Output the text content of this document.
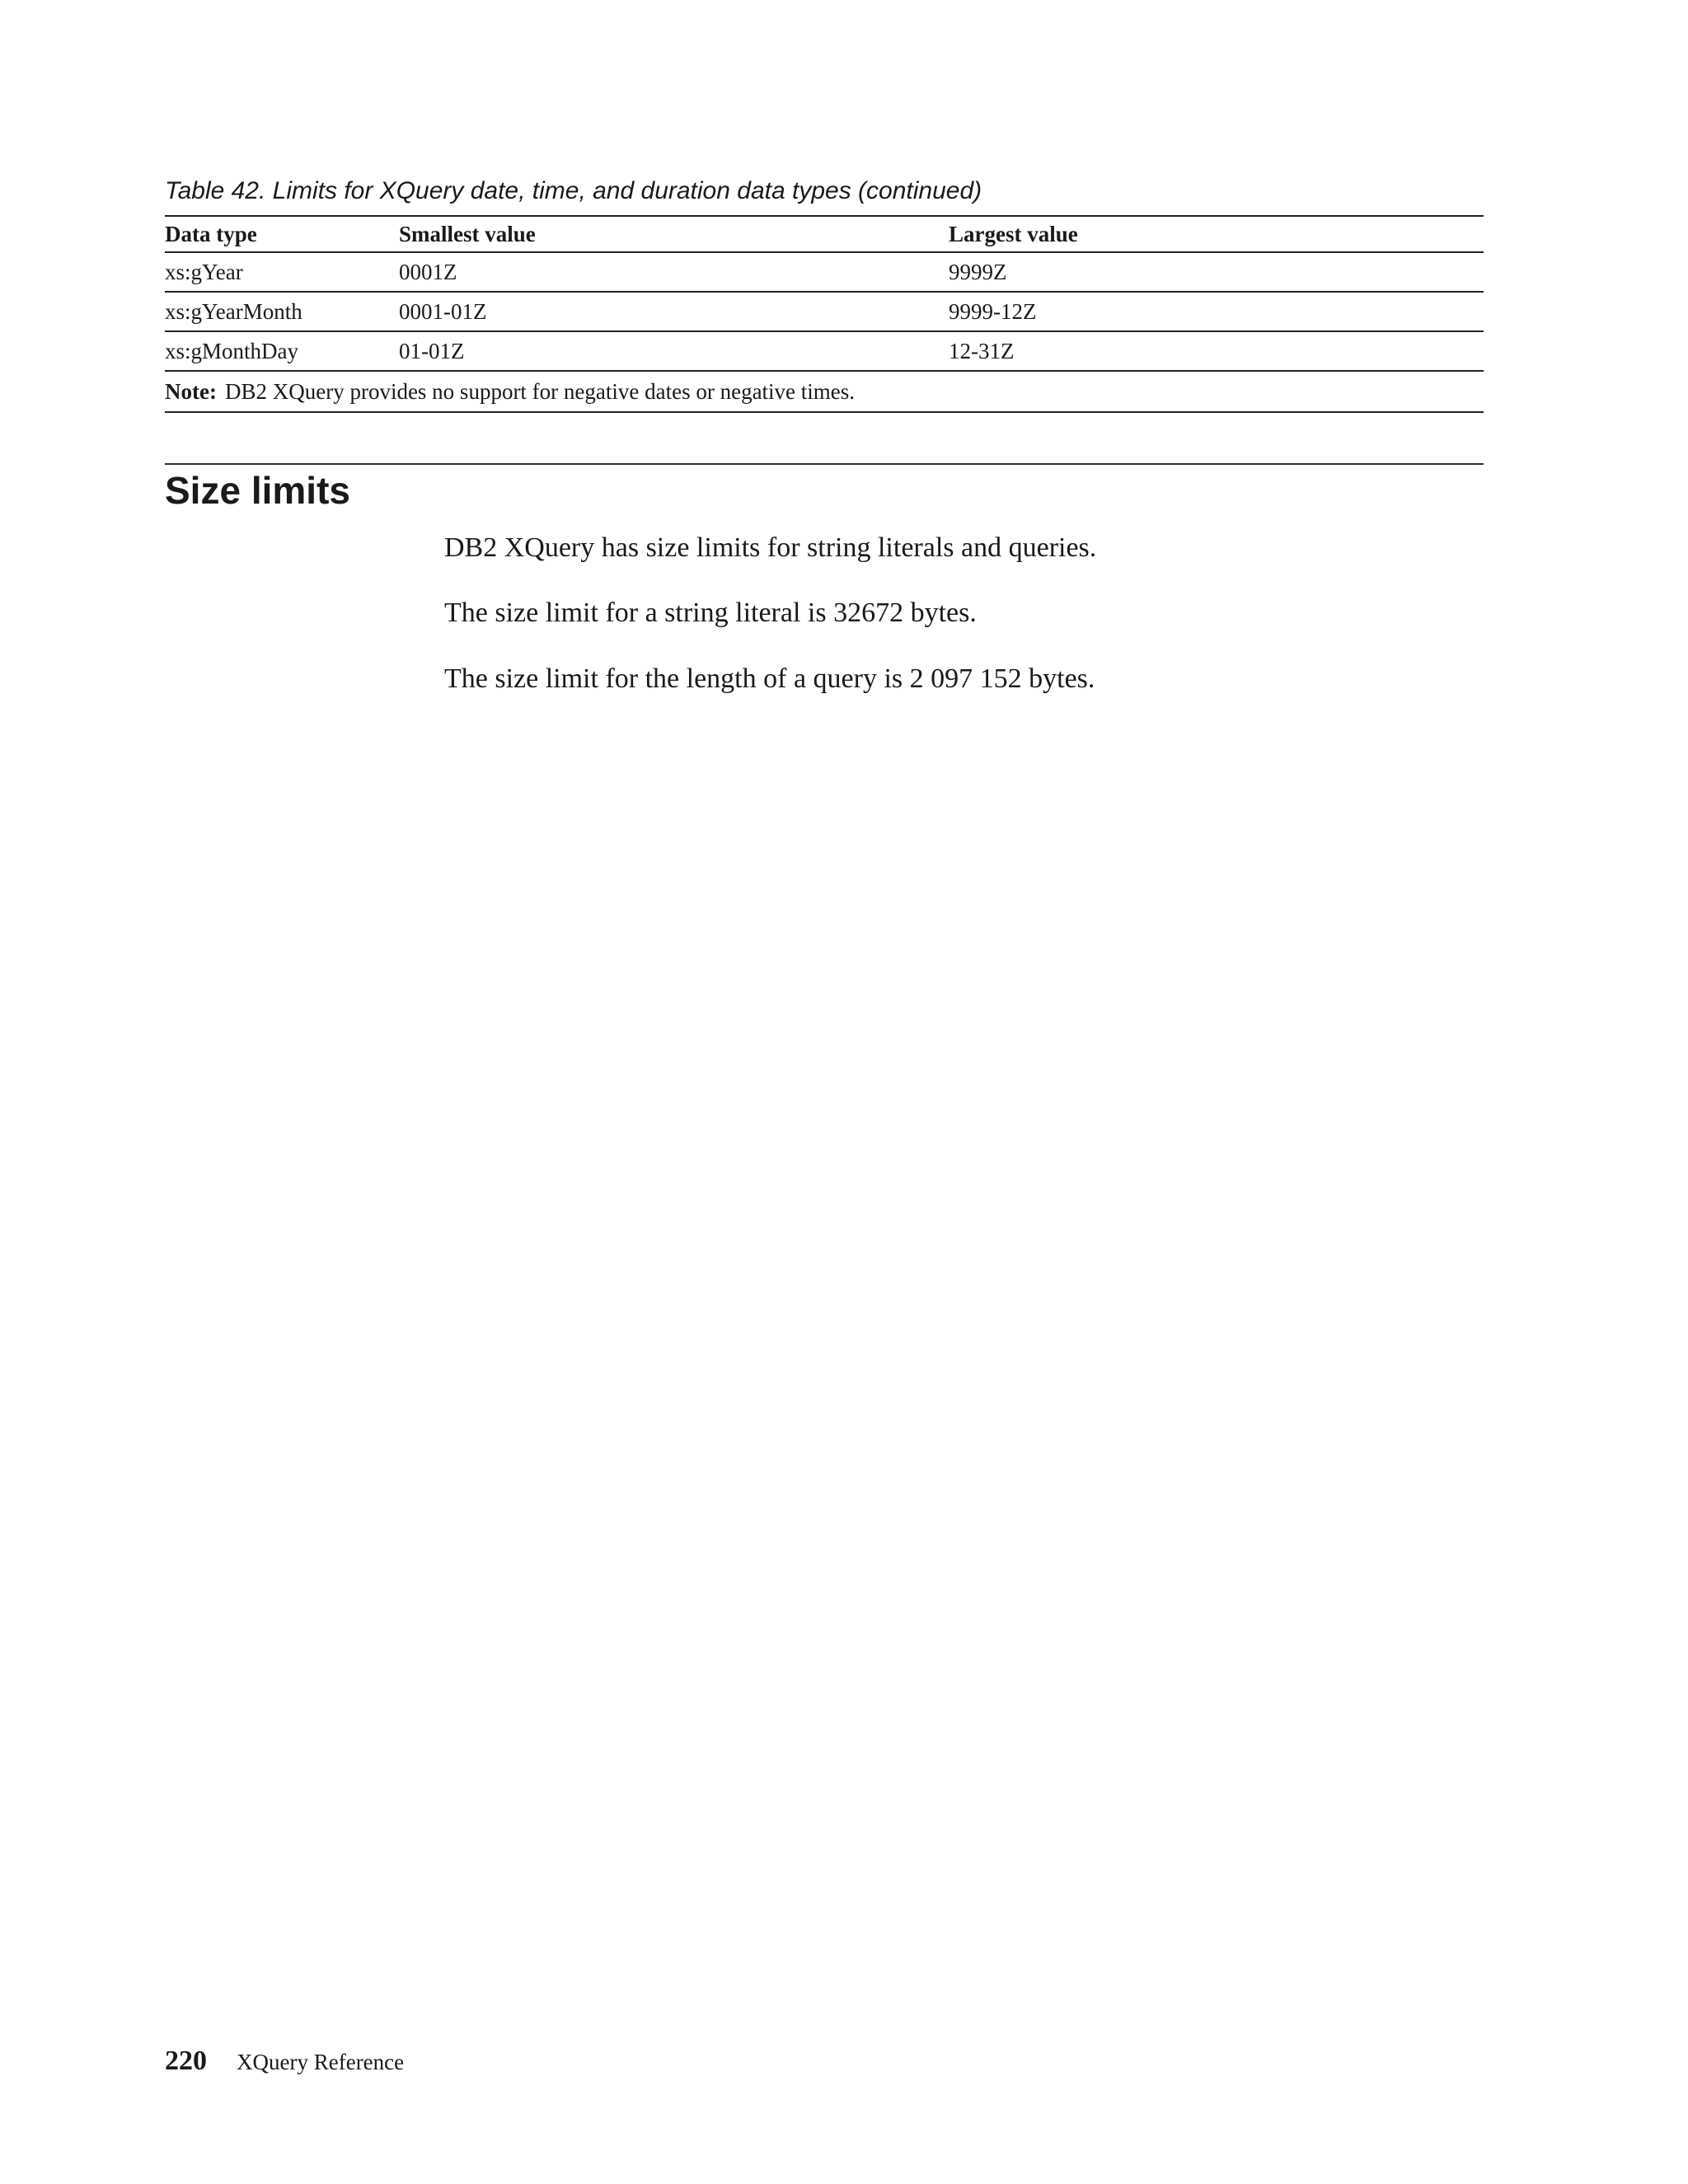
Table 42. Limits for XQuery date, time, and duration data types (continued)
Data type	Smallest value	Largest value
xs:gYear	0001Z	9999Z
xs:gYearMonth	0001-01Z	9999-12Z
xs:gMonthDay	01-01Z	12-31Z
Note: DB2 XQuery provides no support for negative dates or negative times.		
Size limits

DB2 XQuery has size limits for string literals and queries.

The size limit for a string literal is 32672 bytes.

The size limit for the length of a query is 2 097 152 bytes.

220 XQuery Reference
